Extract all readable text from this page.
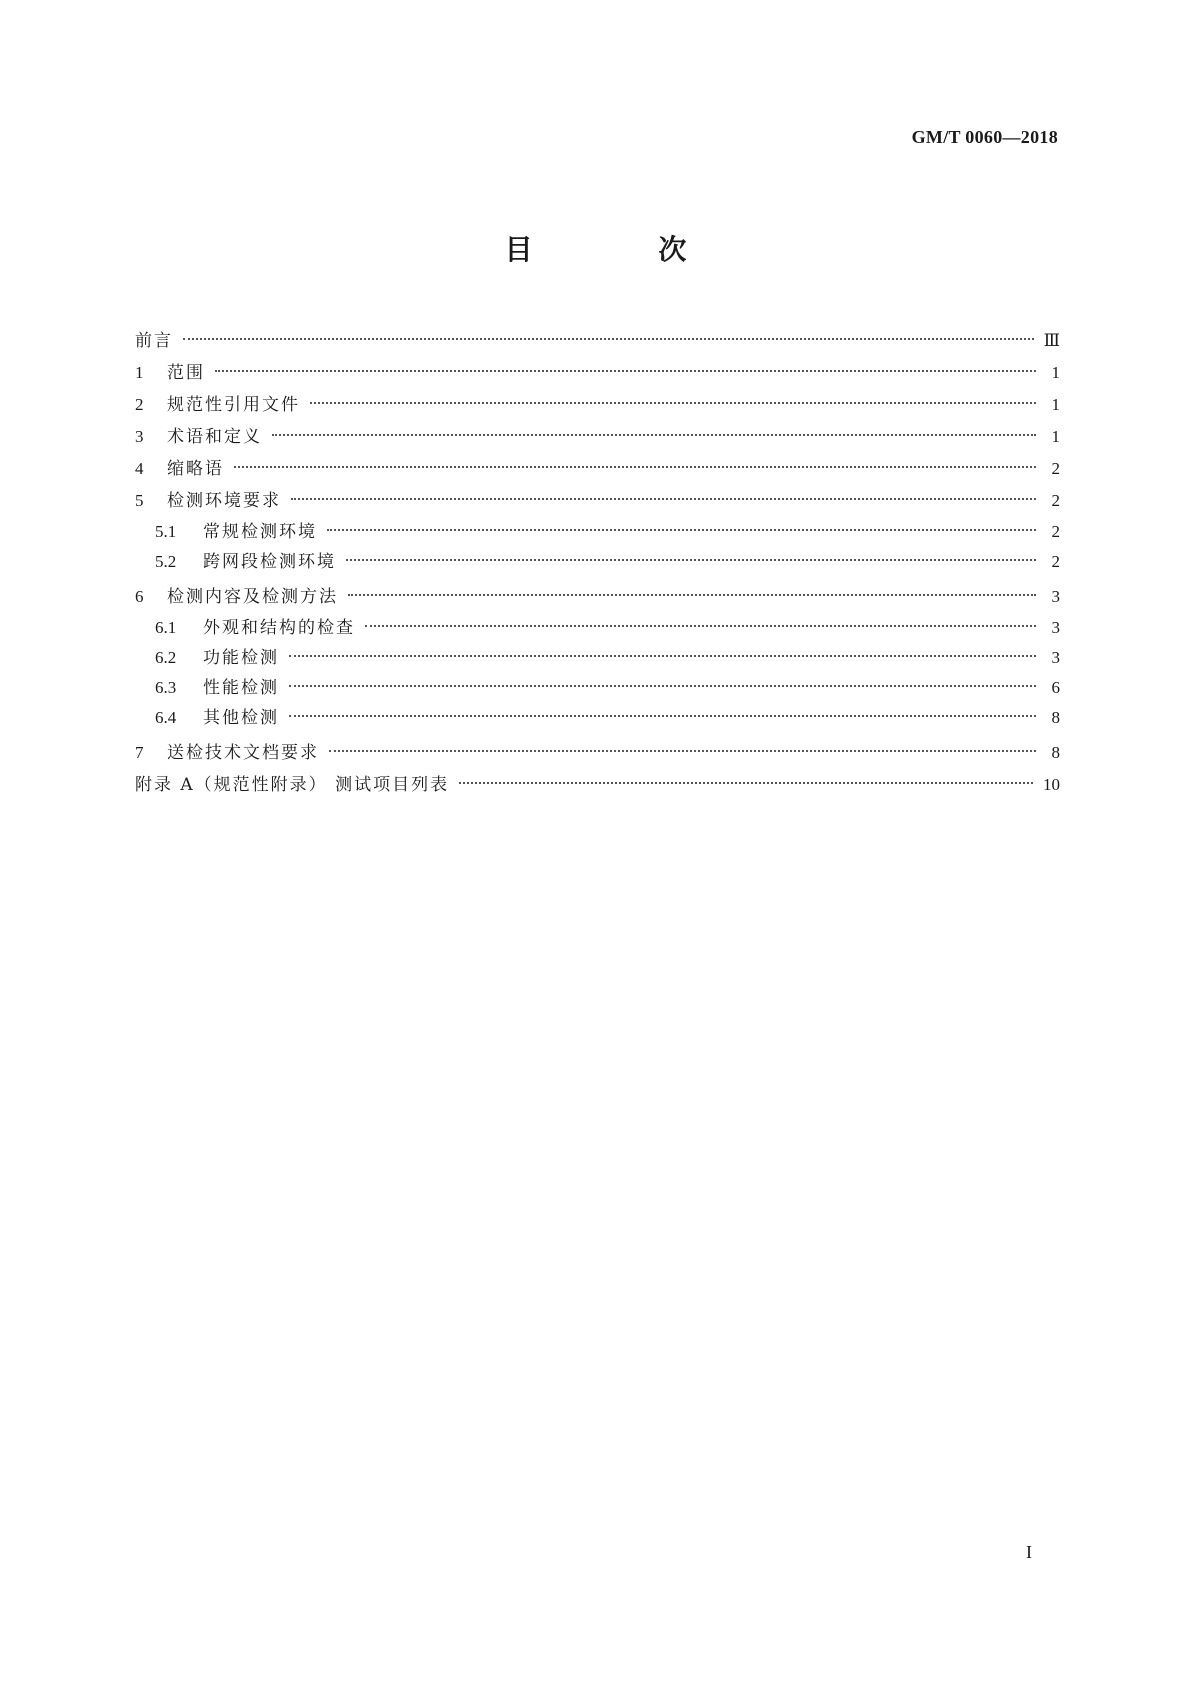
GM/T 0060—2018
目 次
前言	Ⅲ
1	范围	1
2	规范性引用文件	1
3	术语和定义	1
4	缩略语	2
5	检测环境要求	2
5.1	常规检测环境	2
5.2	跨网段检测环境	2
6	检测内容及检测方法	3
6.1	外观和结构的检查	3
6.2	功能检测	3
6.3	性能检测	6
6.4	其他检测	8
7	送检技术文档要求	8
附录 A（规范性附录） 测试项目列表	10
I
